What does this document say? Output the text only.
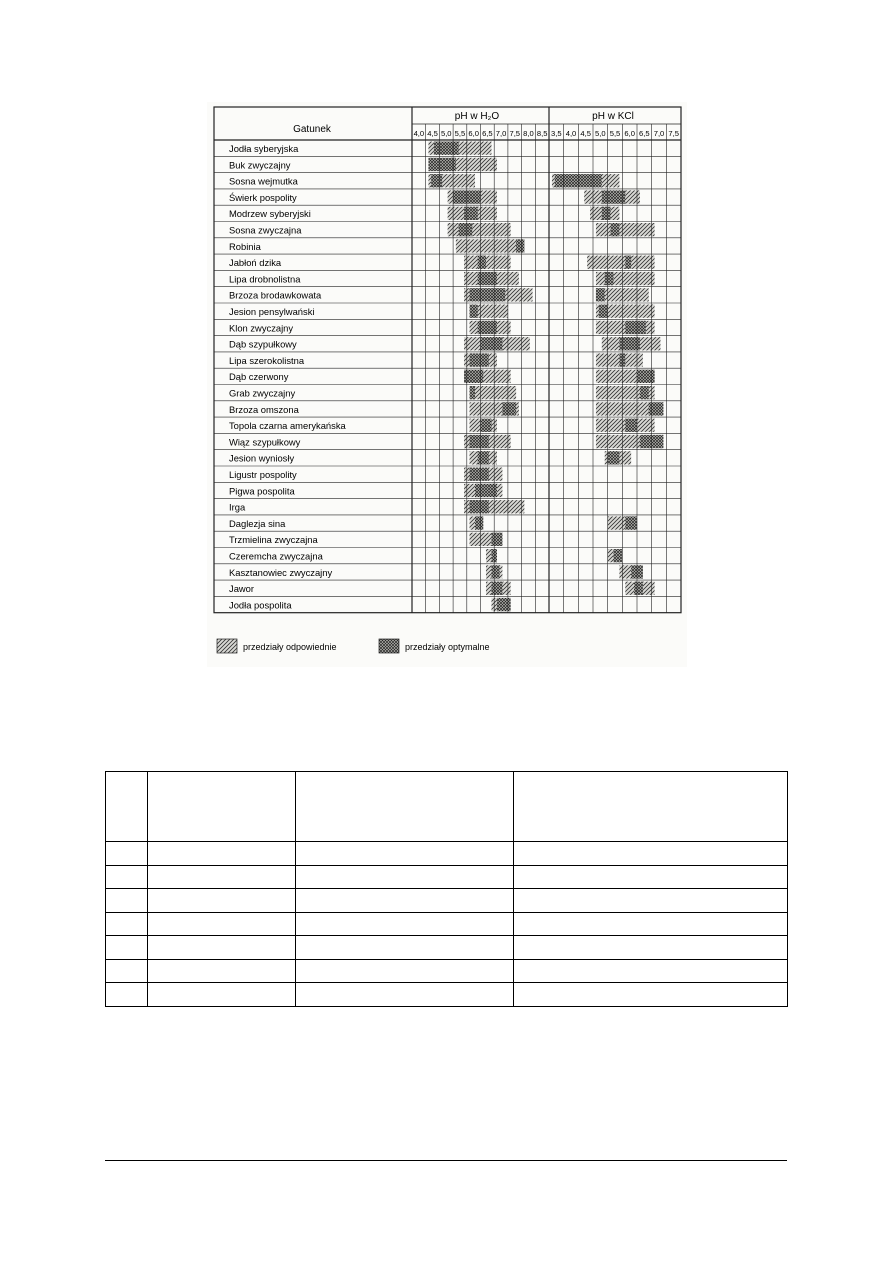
Gatunek
pH w H₂O	pH w KCl
4,0 4,5 5,0 5,5 6,0 6,5 7,0 7,5 8,0 8,5 3,5 4,0 4,5 5,0 5,5 6,0 6,5 7,0 7,5
Jodła syberyjska
Buk zwyczajny
Sosna wejmutka
Świerk pospolity
Modrzew syberyjski
Sosna zwyczajna
Robinia
Jabłoń dzika
Lipa drobnolistna
Brzoza brodawkowata
Jesion pensylwański
Klon zwyczajny
Dąb szypułkowy
Lipa szerokolistna
Dąb czerwony
Grab zwyczajny
Brzoza omszona
Topola czarna amerykańska
Wiąz szypułkowy
Jesion wyniosły
Ligustr pospolity
Pigwa pospolita
Irga
Daglezja sina
Trzmielina zwyczajna
Czeremcha zwyczajna
Kasztanowiec zwyczajny
Jawor
Jodła pospolita
przedziały odpowiednie	przedziały optymalne
